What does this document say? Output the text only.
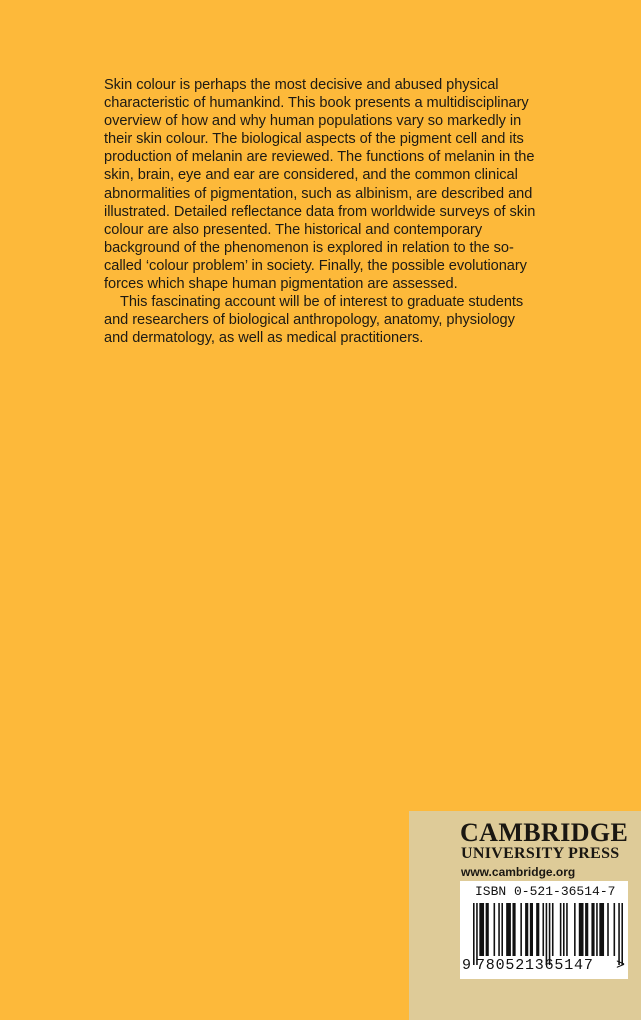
Skin colour is perhaps the most decisive and abused physical characteristic of humankind. This book presents a multidisciplinary overview of how and why human populations vary so markedly in their skin colour. The biological aspects of the pigment cell and its production of melanin are reviewed. The functions of melanin in the skin, brain, eye and ear are considered, and the common clinical abnormalities of pigmentation, such as albinism, are described and illustrated. Detailed reflectance data from worldwide surveys of skin colour are also presented. The historical and contemporary background of the phenomenon is explored in relation to the so-called ‘colour problem’ in society. Finally, the possible evolutionary forces which shape human pigmentation are assessed.

This fascinating account will be of interest to graduate students and researchers of biological anthropology, anatomy, physiology and dermatology, as well as medical practitioners.

CAMBRIDGE
UNIVERSITY PRESS
www.cambridge.org
ISBN 0-521-36514-7
9 780521365147 >
